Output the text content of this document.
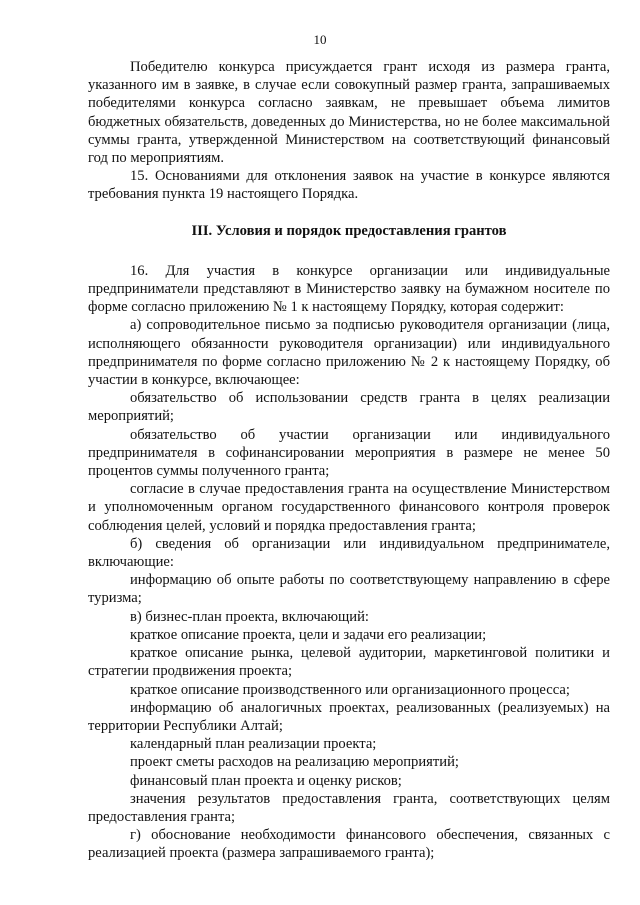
10

Победителю конкурса присуждается грант исходя из размера гранта, указанного им в заявке, в случае если совокупный размер гранта, запрашиваемых победителями конкурса согласно заявкам, не превышает объема лимитов бюджетных обязательств, доведенных до Министерства, но не более максимальной суммы гранта, утвержденной Министерством на соответствующий финансовый год по мероприятиям.

15. Основаниями для отклонения заявок на участие в конкурсе являются требования пункта 19 настоящего Порядка.

III. Условия и порядок предоставления грантов

16. Для участия в конкурсе организации или индивидуальные предприниматели представляют в Министерство заявку на бумажном носителе по форме согласно приложению № 1 к настоящему Порядку, которая содержит:

а) сопроводительное письмо за подписью руководителя организации (лица, исполняющего обязанности руководителя организации) или индивидуального предпринимателя по форме согласно приложению № 2 к настоящему Порядку, об участии в конкурсе, включающее:

обязательство об использовании средств гранта в целях реализации мероприятий;

обязательство об участии организации или индивидуального предпринимателя в софинансировании мероприятия в размере не менее 50 процентов суммы полученного гранта;

согласие в случае предоставления гранта на осуществление Министерством и уполномоченным органом государственного финансового контроля проверок соблюдения целей, условий и порядка предоставления гранта;

б) сведения об организации или индивидуальном предпринимателе, включающие:

информацию об опыте работы по соответствующему направлению в сфере туризма;

в) бизнес-план проекта, включающий:

краткое описание проекта, цели и задачи его реализации;

краткое описание рынка, целевой аудитории, маркетинговой политики и стратегии продвижения проекта;

краткое описание производственного или организационного процесса;

информацию об аналогичных проектах, реализованных (реализуемых) на территории Республики Алтай;

календарный план реализации проекта;

проект сметы расходов на реализацию мероприятий;

финансовый план проекта и оценку рисков;

значения результатов предоставления гранта, соответствующих целям предоставления гранта;

г) обоснование необходимости финансового обеспечения, связанных с реализацией проекта (размера запрашиваемого гранта);
